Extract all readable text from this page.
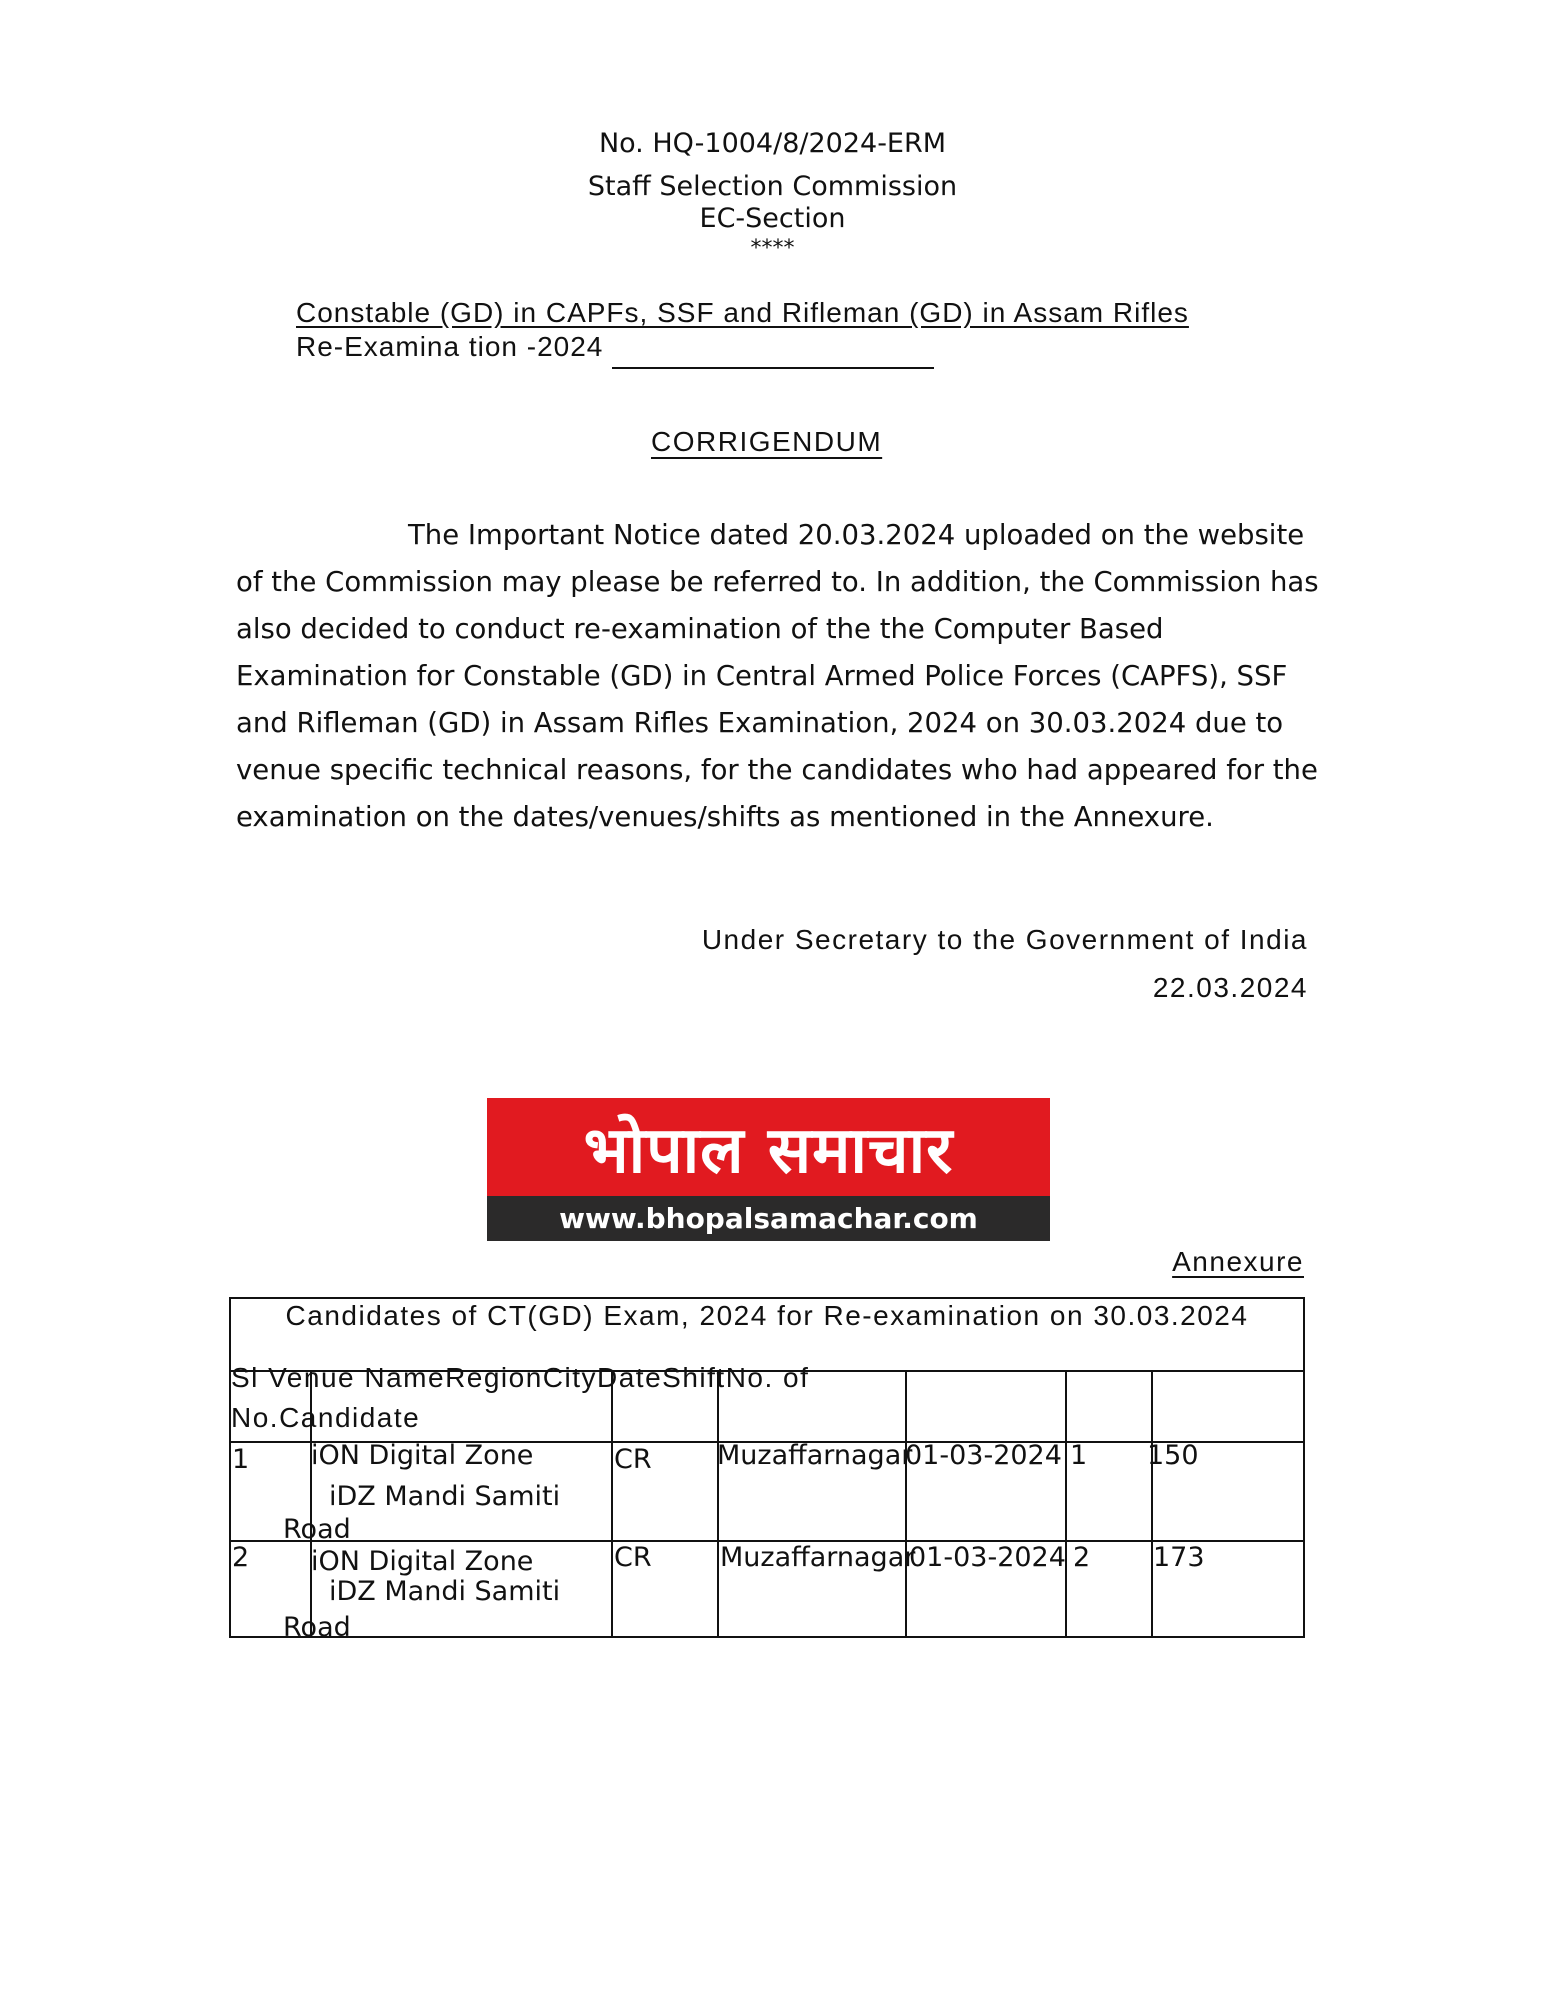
No. HQ-1004/8/2024-ERM
Staff Selection Commission
EC-Section
****
Constable (GD) in CAPFs, SSF and Rifleman (GD) in Assam Rifles
Re-Examina tion -2024
CORRIGENDUM

The Important Notice dated 20.03.2024 uploaded on the website of the Commission may please be referred to. In addition, the Commission has also decided to conduct re-examination of the the Computer Based Examination for Constable (GD) in Central Armed Police Forces (CAPFS), SSF and Rifleman (GD) in Assam Rifles Examination, 2024 on 30.03.2024 due to venue specific technical reasons, for the candidates who had appeared for the examination on the dates/venues/shifts as mentioned in the Annexure.

Under Secretary to the Government of India
22.03.2024
भोपाल समाचार
www.bhopalsamachar.com
Annexure
Candidates of CT(GD) Exam, 2024 for Re-examination on 30.03.2024
Sl Venue NameRegionCityDateShiftNo. of
No.Candidate
1 iON Digital Zone
iDZ Mandi Samiti
Road
CR Muzaffarnagar
01-03-2024 1 150
2 iON Digital Zone
iDZ Mandi Samiti
Road
CR	Muzaffarnagar
01-03-2024 2 173
